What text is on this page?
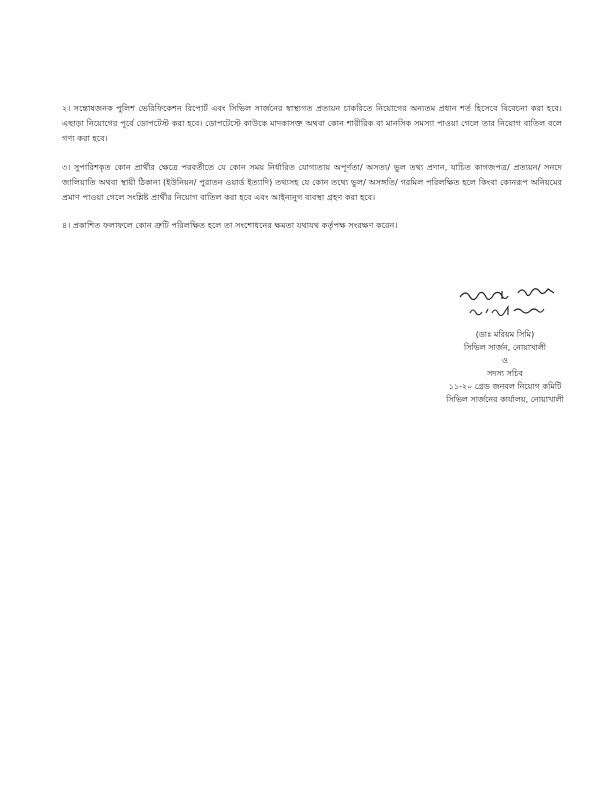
২। সন্তোষজনক পুলিশ ভেরিফিকেশন রিপোর্ট এবং সিভিল সার্জনের স্বাস্থ্যগত প্রত্যয়ন চাকরিতে নিয়োগের অন্যতম প্রধান শর্ত হিসেবে বিবেচনা করা হবে। এছাড়া নিয়োগের পূর্বে ডোপটেস্ট করা হবে। ডোপটেস্টে কাউকে মাদকাসক্ত অথবা কোন শারীরিক বা মানসিক সমস্যা পাওয়া গেলে তার নিয়োগ বাতিল বলে গণ্য করা হবে।

৩। সুপারিশকৃত কোন প্রার্থীর ক্ষেত্রে পরবর্তীতে যে কোন সময় নির্ধারিত যোগ্যতায় অপূর্ণতা/ অসত্য/ ভুল তথ্য প্রদান, যাচিত কাগজপত্র/ প্রত্যয়ন/ সনদে জালিয়াতি অথবা স্থায়ী ঠিকানা (ইউনিয়ন/ পুরাতন ওয়ার্ড ইত্যাদি) তথ্যসহ যে কোন তথ্যে ভুল/ অসঙ্গতি/ গরমিল পরিলক্ষিত হলে কিংবা কোনরূপ অনিয়মের প্রমাণ পাওয়া গেলে সংশ্লিষ্ট প্রার্থীর নিয়োগ বাতিল করা হবে এবং আইনানুগ ব্যবস্থা গ্রহণ করা হবে।

৪। প্রকাশিত ফলাফলে কোন ত্রুটি পরিলক্ষিত হলে তা সংশোধনের ক্ষমতা যথাযথ কর্তৃপক্ষ সংরক্ষণ করেন।

(ডাঃ মরিয়ম সিমি)
সিভিল সার্জন, নোয়াখালী
ও
সদস্য সচিব
১১-২০ গ্রেড জনবল নিয়োগ কমিটি
সিভিল সার্জনের কার্যালয়, নোয়াখালী
